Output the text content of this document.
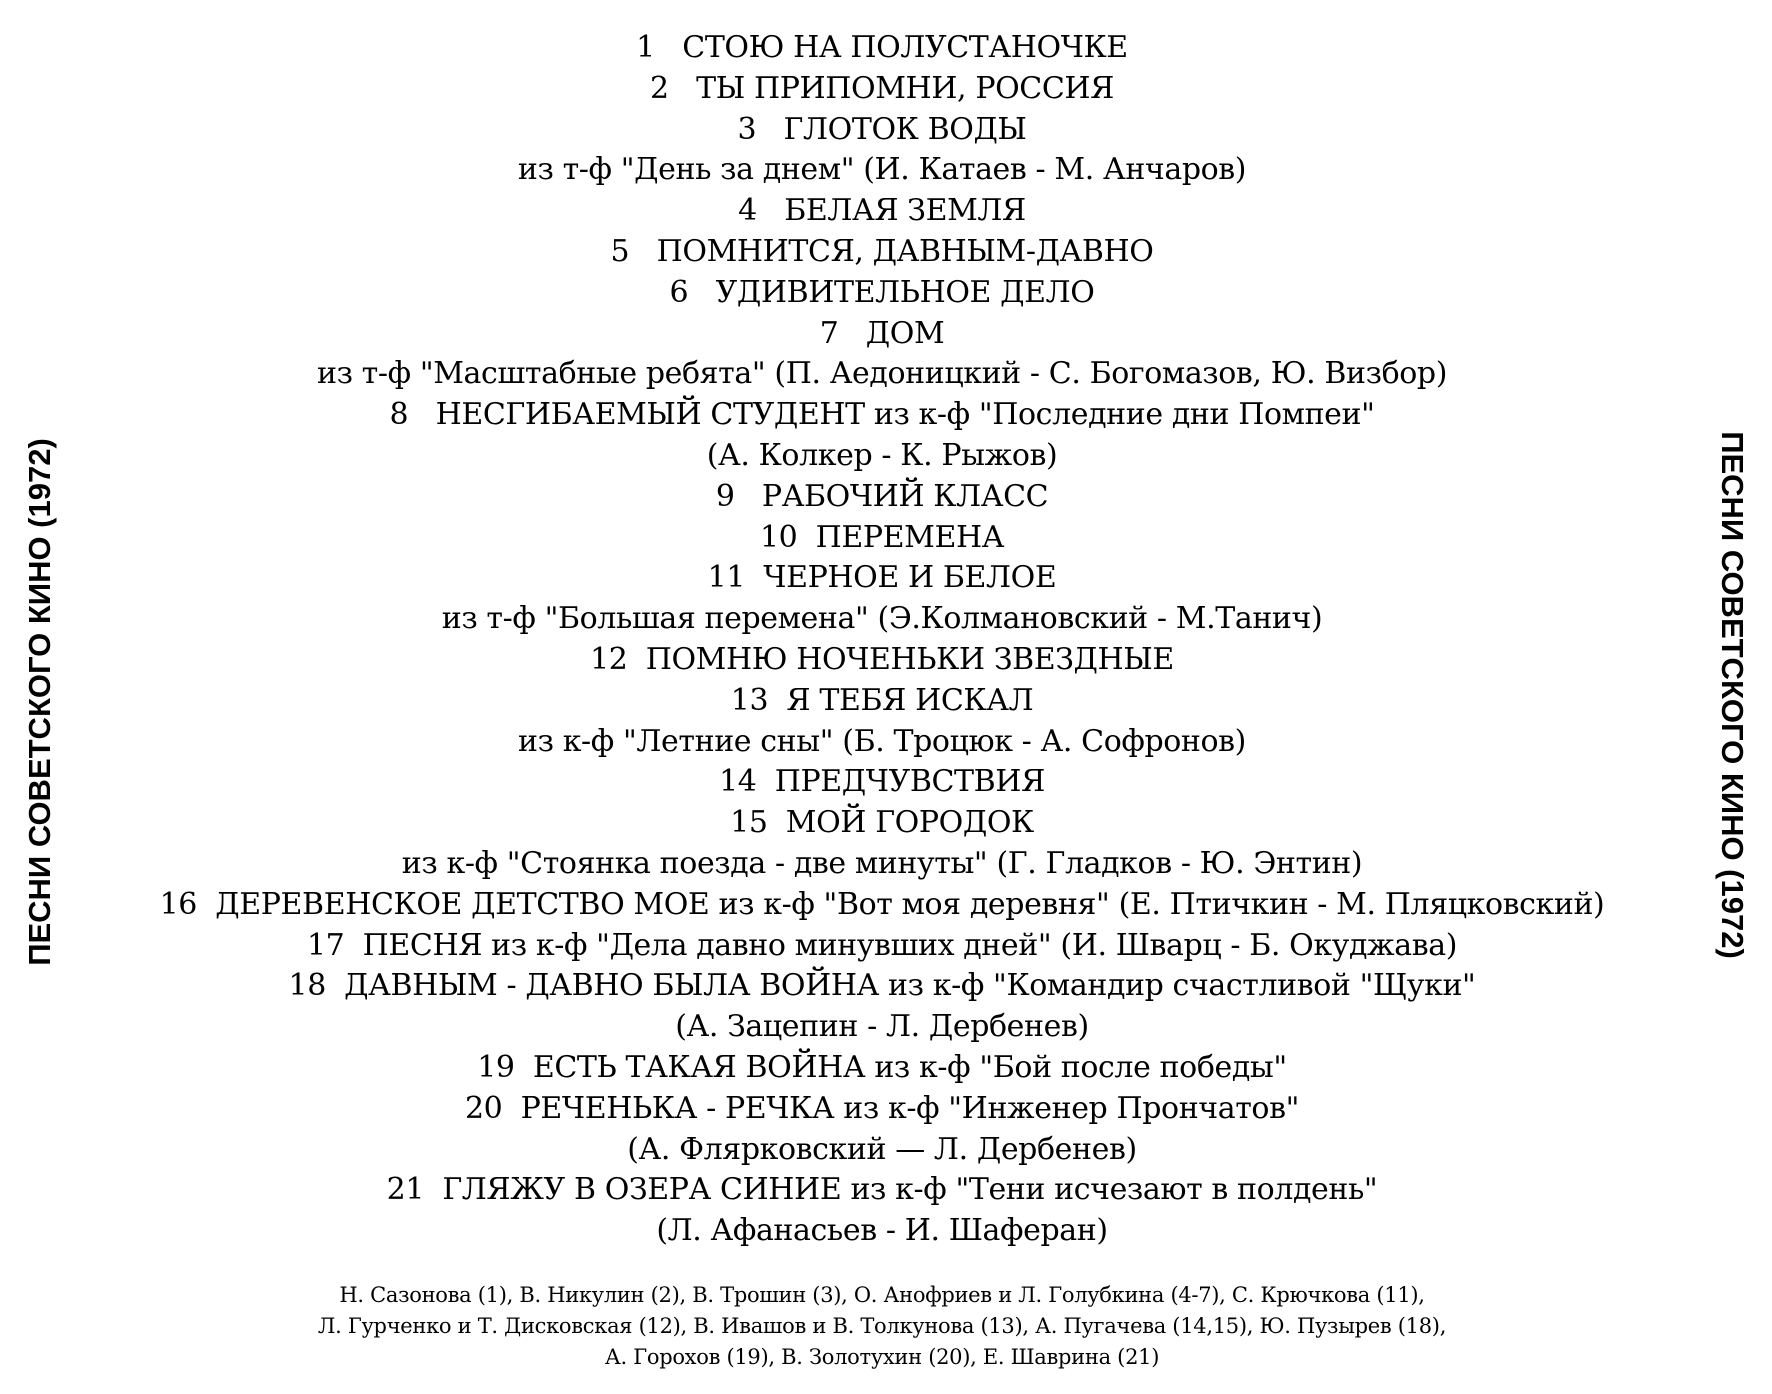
ПЕСНИ СОВЕТСКОГО КИНО (1972)	ПЕСНИ СОВЕТСКОГО КИНО (1972)
1   СТОЮ НА ПОЛУСТАНОЧКЕ
2   ТЫ ПРИПОМНИ, РОССИЯ
3   ГЛОТОК ВОДЫ
из т-ф "День за днем" (И. Катаев - М. Анчаров)
4   БЕЛАЯ ЗЕМЛЯ
5   ПОМНИТСЯ, ДАВНЫМ-ДАВНО
6   УДИВИТЕЛЬНОЕ ДЕЛО
7   ДОМ
из т-ф "Масштабные ребята" (П. Аедоницкий - С. Богомазов, Ю. Визбор)
8   НЕСГИБАЕМЫЙ СТУДЕНТ из к-ф "Последние дни Помпеи"
(А. Колкер - К. Рыжов)
9   РАБОЧИЙ КЛАСС
10  ПЕРЕМЕНА
11  ЧЕРНОЕ И БЕЛОЕ
из т-ф "Большая перемена" (Э.Колмановский - М.Танич)
12  ПОМНЮ НОЧЕНЬКИ ЗВЕЗДНЫЕ
13  Я ТЕБЯ ИСКАЛ
из к-ф "Летние сны" (Б. Троцюк - А. Софронов)
14  ПРЕДЧУВСТВИЯ
15  МОЙ ГОРОДОК
из к-ф "Стоянка поезда - две минуты" (Г. Гладков - Ю. Энтин)
16  ДЕРЕВЕНСКОЕ ДЕТСТВО МОЕ из к-ф "Вот моя деревня" (Е. Птичкин - М. Пляцковский)
17  ПЕСНЯ из к-ф "Дела давно минувших дней" (И. Шварц - Б. Окуджава)
18  ДАВНЫМ - ДАВНО БЫЛА ВОЙНА из к-ф "Командир счастливой "Щуки"
(А. Зацепин - Л. Дербенев)
19  ЕСТЬ ТАКАЯ ВОЙНА из к-ф "Бой после победы"
20  РЕЧЕНЬКА - РЕЧКА из к-ф "Инженер Прончатов"
(А. Флярковский — Л. Дербенев)
21  ГЛЯЖУ В ОЗЕРА СИНИЕ из к-ф "Тени исчезают в полдень"
(Л. Афанасьев - И. Шаферан)
Н. Сазонова (1), В. Никулин (2), В. Трошин (3), О. Анофриев и Л. Голубкина (4-7), С. Крючкова (11),
Л. Гурченко и Т. Дисковская (12), В. Ивашов и В. Толкунова (13), А. Пугачева (14,15), Ю. Пузырев (18),
А. Горохов (19), В. Золотухин (20), Е. Шаврина (21)
